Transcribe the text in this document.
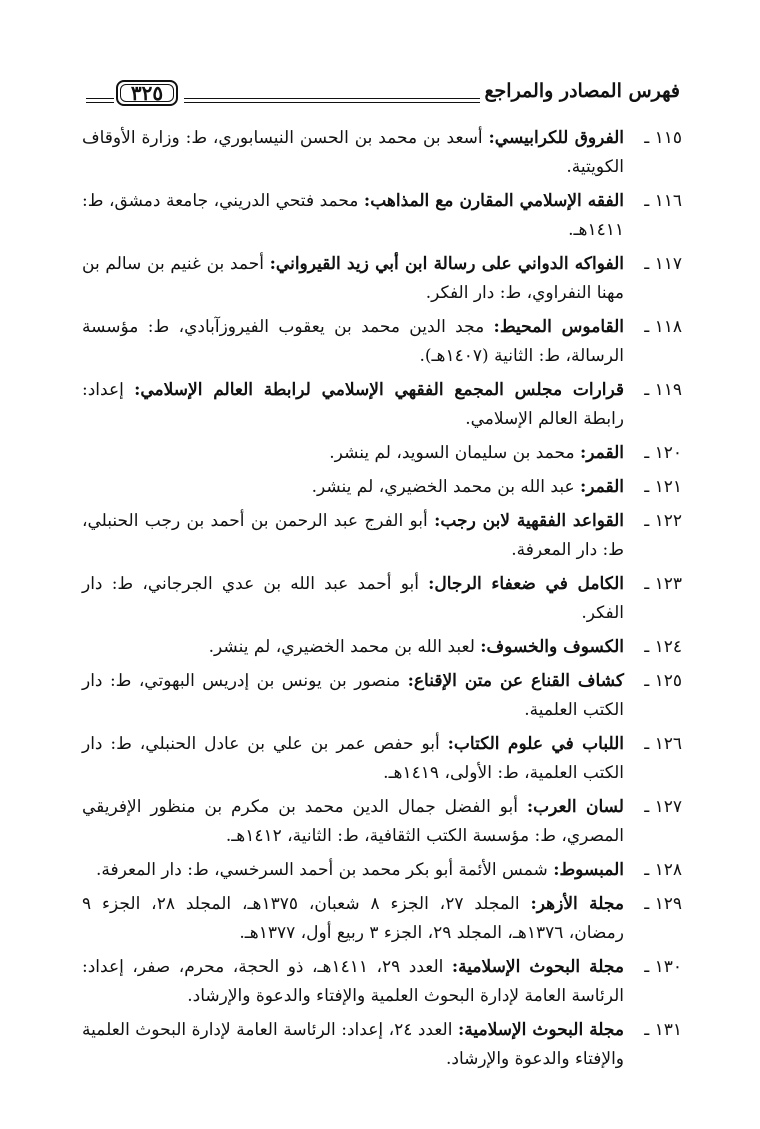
فهرس المصادر والمراجع
٣٢٥
١١٥ ـ
الفروق للكرابيسي: أسعد بن محمد بن الحسن النيسابوري، ط: وزارة الأوقاف الكويتية.
١١٦ ـ
الفقه الإسلامي المقارن مع المذاهب: محمد فتحي الدريني، جامعة دمشق، ط: ١٤١١هـ.
١١٧ ـ
الفواكه الدواني على رسالة ابن أبي زيد القيرواني: أحمد بن غنيم بن سالم بن مهنا النفراوي، ط: دار الفكر.
١١٨ ـ
القاموس المحيط: مجد الدين محمد بن يعقوب الفيروزآبادي، ط: مؤسسة الرسالة، ط: الثانية (١٤٠٧هـ).
١١٩ ـ
قرارات مجلس المجمع الفقهي الإسلامي لرابطة العالم الإسلامي: إعداد: رابطة العالم الإسلامي.
١٢٠ ـ
القمر: محمد بن سليمان السويد، لم ينشر.
١٢١ ـ
القمر: عبد الله بن محمد الخضيري، لم ينشر.
١٢٢ ـ
القواعد الفقهية لابن رجب: أبو الفرج عبد الرحمن بن أحمد بن رجب الحنبلي، ط: دار المعرفة.
١٢٣ ـ
الكامل في ضعفاء الرجال: أبو أحمد عبد الله بن عدي الجرجاني، ط: دار الفكر.
١٢٤ ـ
الكسوف والخسوف: لعبد الله بن محمد الخضيري، لم ينشر.
١٢٥ ـ
كشاف القناع عن متن الإقناع: منصور بن يونس بن إدريس البهوتي، ط: دار الكتب العلمية.
١٢٦ ـ
اللباب في علوم الكتاب: أبو حفص عمر بن علي بن عادل الحنبلي، ط: دار الكتب العلمية، ط: الأولى، ١٤١٩هـ.
١٢٧ ـ
لسان العرب: أبو الفضل جمال الدين محمد بن مكرم بن منظور الإفريقي المصري، ط: مؤسسة الكتب الثقافية، ط: الثانية، ١٤١٢هـ.
١٢٨ ـ
المبسوط: شمس الأئمة أبو بكر محمد بن أحمد السرخسي، ط: دار المعرفة.
١٢٩ ـ
مجلة الأزهر: المجلد ٢٧، الجزء ٨ شعبان، ١٣٧٥هـ، المجلد ٢٨، الجزء ٩ رمضان، ١٣٧٦هـ، المجلد ٢٩، الجزء ٣ ربيع أول، ١٣٧٧هـ.
١٣٠ ـ
مجلة البحوث الإسلامية: العدد ٢٩، ١٤١١هـ، ذو الحجة، محرم، صفر، إعداد: الرئاسة العامة لإدارة البحوث العلمية والإفتاء والدعوة والإرشاد.
١٣١ ـ
مجلة البحوث الإسلامية: العدد ٢٤، إعداد: الرئاسة العامة لإدارة البحوث العلمية والإفتاء والدعوة والإرشاد.
